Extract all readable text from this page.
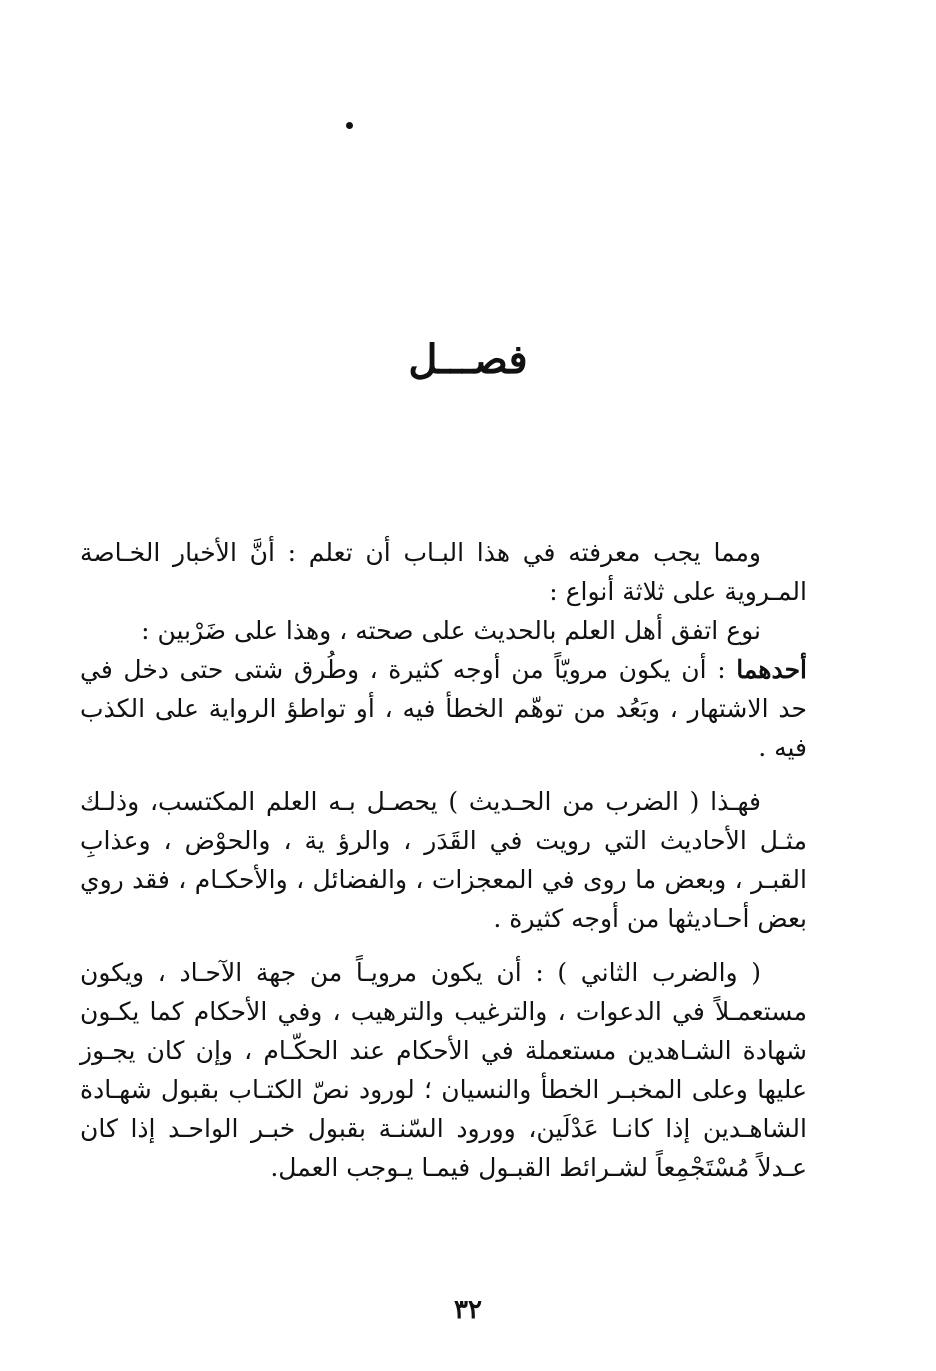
فصـــل

ومما يجب معرفته في هذا البـاب أن تعلم : أنَّ الأخبار الخـاصة المـروية على ثلاثة أنواع :

نوع اتفق أهل العلم بالحديث على صحته ، وهذا على ضَرْبين :

أحدهما : أن يكون مرويّاً من أوجه كثيرة ، وطُرق شتى حتى دخل في حد الاشتهار ، وبَعُد من توهّم الخطأ فيه ، أو تواطؤ الرواية على الكذب فيه .

فهـذا ( الضرب من الحـديث ) يحصـل بـه العلم المكتسب، وذلـك مثـل الأحاديث التي رويت في القَدَر ، والرؤ ية ، والحوْض ، وعذابِ القبـر ، وبعض ما روى في المعجزات ، والفضائل ، والأحكـام ، فقد روي بعض أحـاديثها من أوجه كثيرة .

( والضرب الثاني ) : أن يكون مرويـاً من جهة الآحـاد ، ويكون مستعمـلاً في الدعوات ، والترغيب والترهيب ، وفي الأحكام كما يكـون شهادة الشـاهدين مستعملة في الأحكام عند الحكّـام ، وإن كان يجـوز عليها وعلى المخبـر الخطأ والنسيان ؛ لورود نصّ الكتـاب بقبول شهـادة الشاهـدين إذا كانـا عَدْلَين، وورود السّنـة بقبول خبـر الواحـد إذا كان عـدلاً مُسْتَجْمِعاً لشـرائط القبـول فيمـا يـوجب العمل.

٣٢
